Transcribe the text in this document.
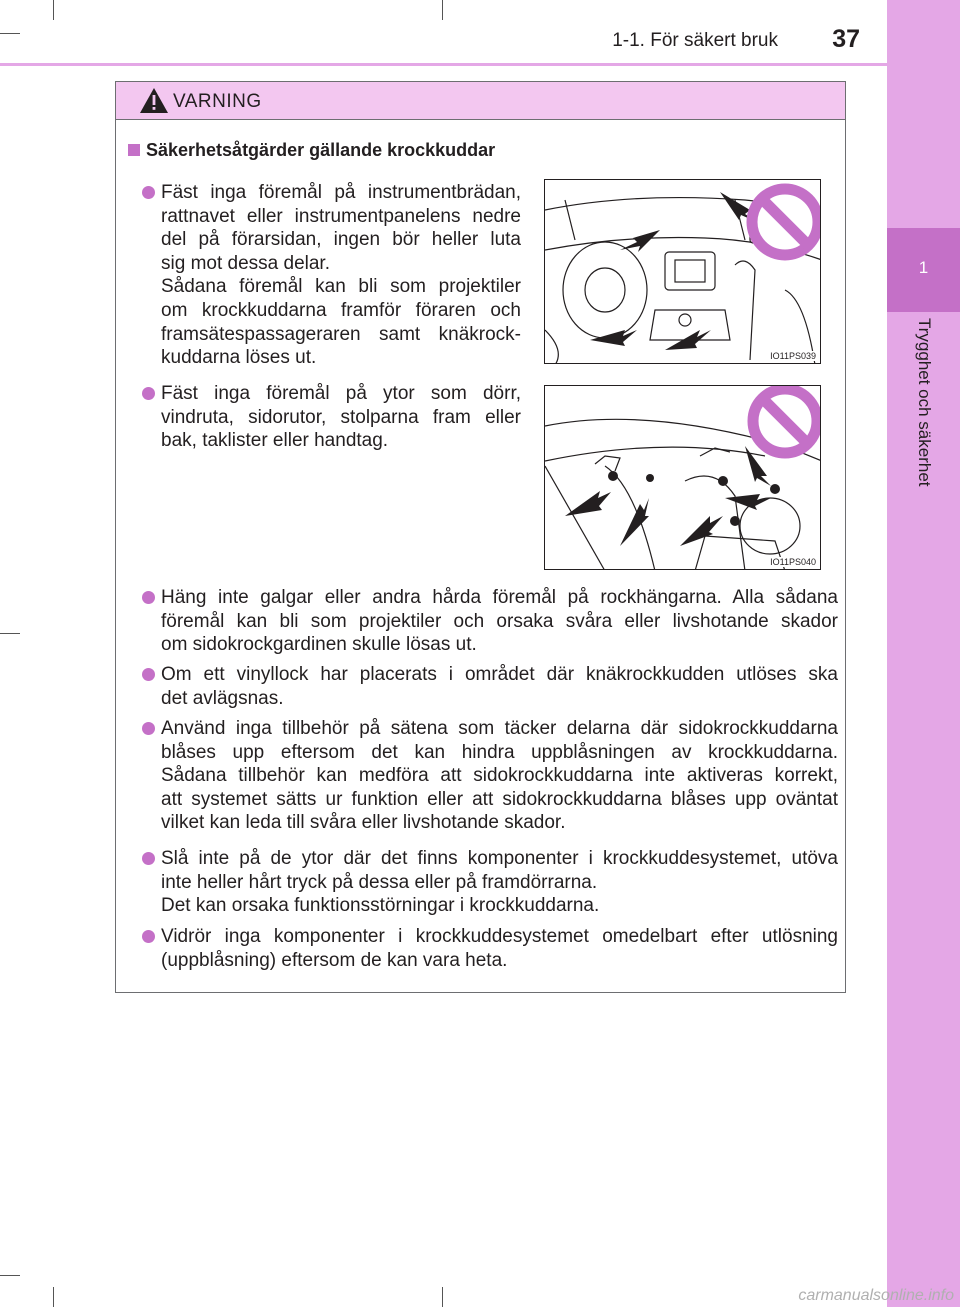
1
Trygghet och säkerhet
1-1. För säkert bruk	37
VARNING
Säkerhetsåtgärder gällande krockkuddar
Fäst inga föremål på instrumentbrädan,
rattnavet eller instrumentpanelens nedre
del på förarsidan, ingen bör heller luta
sig mot dessa delar.
Sådana föremål kan bli som projektiler
om krockkuddarna framför föraren och
framsätespassageraren samt knäkrock-
kuddarna löses ut.	IO11PS039
Fäst inga föremål på ytor som dörr,
vindruta, sidorutor, stolparna fram eller
bak, taklister eller handtag.
IO11PS040
Häng inte galgar eller andra hårda föremål på rockhängarna. Alla sådana
föremål kan bli som projektiler och orsaka svåra eller livshotande skador
om sidokrockgardinen skulle lösas ut.
Om ett vinyllock har placerats i området där knäkrockkudden utlöses ska
det avlägsnas.
Använd inga tillbehör på sätena som täcker delarna där sidokrockkuddarna
blåses upp eftersom det kan hindra uppblåsningen av krockkuddarna.
Sådana tillbehör kan medföra att sidokrockkuddarna inte aktiveras korrekt,
att systemet sätts ur funktion eller att sidokrockkuddarna blåses upp oväntat
vilket kan leda till svåra eller livshotande skador.
Slå inte på de ytor där det finns komponenter i krockkuddesystemet, utöva
inte heller hårt tryck på dessa eller på framdörrarna.
Det kan orsaka funktionsstörningar i krockkuddarna.
Vidrör inga komponenter i krockkuddesystemet omedelbart efter utlösning
(uppblåsning) eftersom de kan vara heta.
carmanualsonline.info
